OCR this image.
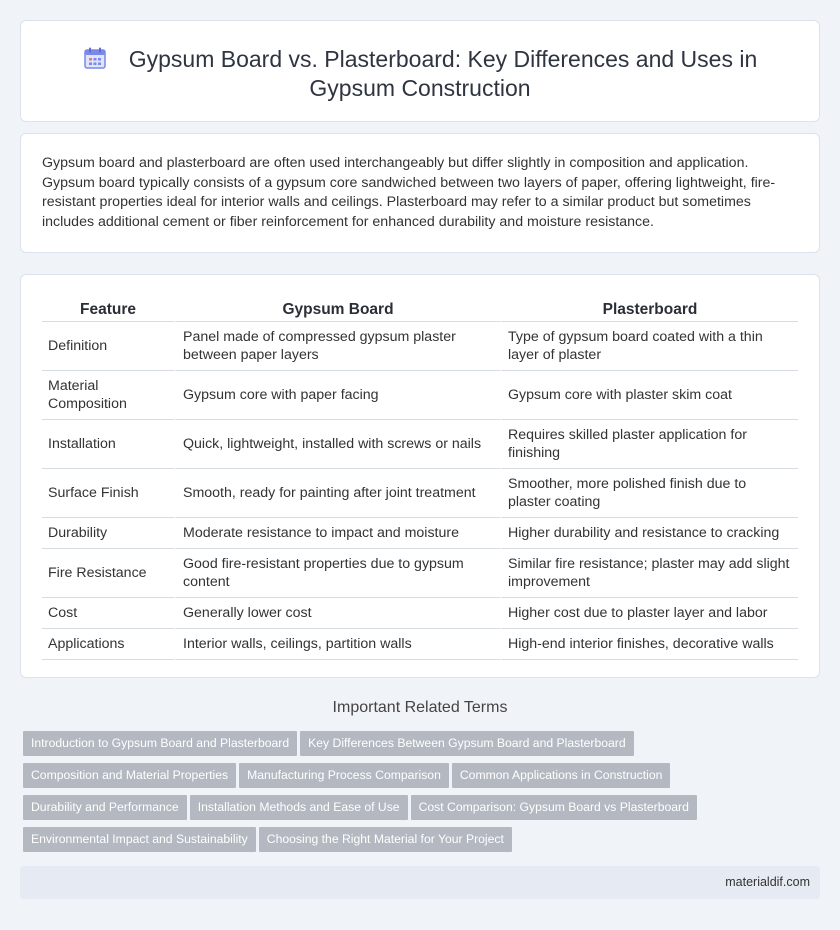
Gypsum Board vs. Plasterboard: Key Differences and Uses in Gypsum Construction

Gypsum board and plasterboard are often used interchangeably but differ slightly in composition and application. Gypsum board typically consists of a gypsum core sandwiched between two layers of paper, offering lightweight, fire-resistant properties ideal for interior walls and ceilings. Plasterboard may refer to a similar product but sometimes includes additional cement or fiber reinforcement for enhanced durability and moisture resistance.

Feature	Gypsum Board	Plasterboard
Definition	Panel made of compressed gypsum plaster between paper layers	Type of gypsum board coated with a thin layer of plaster
Material Composition	Gypsum core with paper facing	Gypsum core with plaster skim coat
Installation	Quick, lightweight, installed with screws or nails	Requires skilled plaster application for finishing
Surface Finish	Smooth, ready for painting after joint treatment	Smoother, more polished finish due to plaster coating
Durability	Moderate resistance to impact and moisture	Higher durability and resistance to cracking
Fire Resistance	Good fire-resistant properties due to gypsum content	Similar fire resistance; plaster may add slight improvement
Cost	Generally lower cost	Higher cost due to plaster layer and labor
Applications	Interior walls, ceilings, partition walls	High-end interior finishes, decorative walls
Important Related Terms
Introduction to Gypsum Board and Plasterboard Key Differences Between Gypsum Board and Plasterboard
Composition and Material Properties Manufacturing Process Comparison Common Applications in Construction
Durability and Performance Installation Methods and Ease of Use Cost Comparison: Gypsum Board vs Plasterboard
Environmental Impact and Sustainability Choosing the Right Material for Your Project
materialdif.com
